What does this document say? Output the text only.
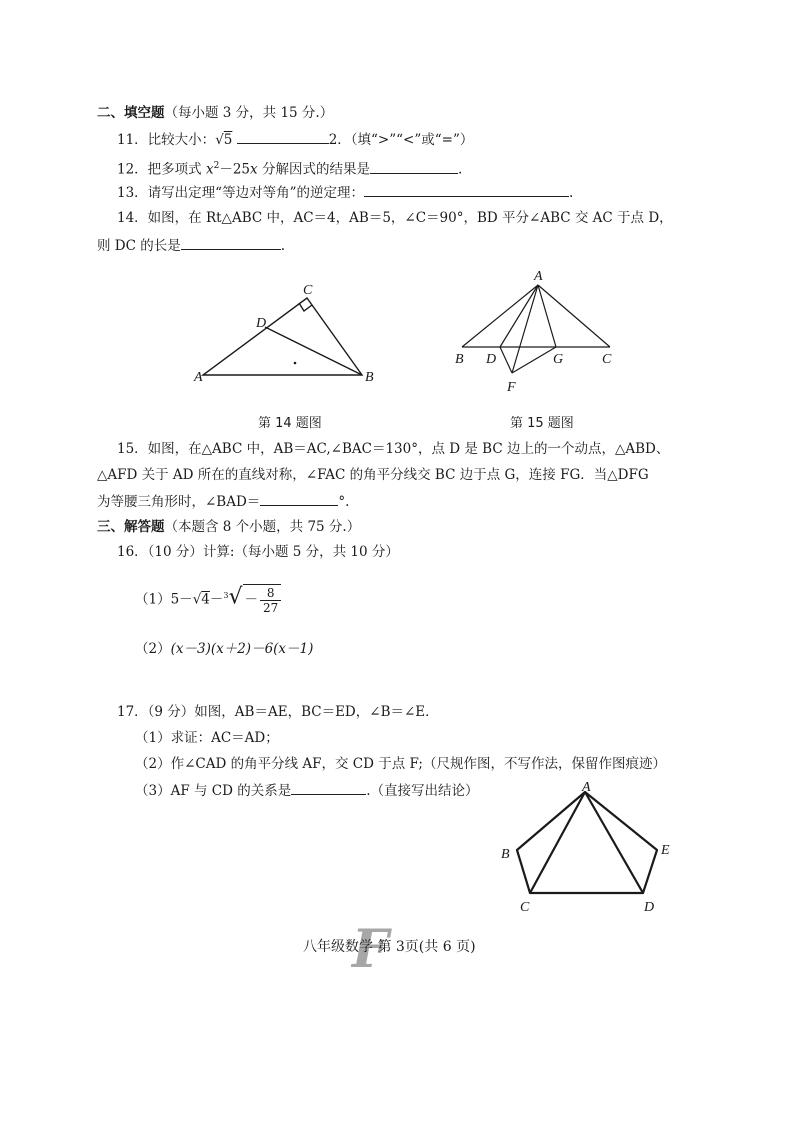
二、填空题（每小题 3 分，共 15 分.）
11．比较大小：√5	2．（填“>”“<”或“=”）
12．把多项式 $x^2-25x$ 分解因式的结果是	.
13．请写出定理“等边对等角”的逆定理：	.
14．如图，在 Rt△ABC 中，AC＝4，AB＝5，∠C＝90°，BD 平分∠ABC 交 AC 于点 D，
则 DC 的长是	.
A	B
C
D
第 14 题图
A
B D	G	C
F
第 15 题图
15．如图，在△ABC 中，AB＝AC,∠BAC＝130°，点 D 是 BC 边上的一个动点，△ABD、
△AFD 关于 AD 所在的直线对称，∠FAC 的角平分线交 BC 边于点 G，连接 FG．当△DFG
为等腰三角形时，∠BAD＝	°.
三、解答题（本题含 8 个小题，共 75 分.）
16．（10 分）计算:（每小题 5 分，共 10 分）
$(1)5-√4-^3√ - \frac{8}{27}$
（2）(x－3)(x＋2)－6(x－1)
17．（9 分）如图，AB＝AE，BC＝ED，∠B＝∠E．
（1）求证：AC＝AD；
（2）作∠CAD 的角平分线 AF，交 CD 于点 F;（尺规作图，不写作法，保留作图痕迹）
（3）AF 与 CD 的关系是	.（直接写出结论）	A
B
C	D
E
F
八年级数学 第 3页(共 6 页)
